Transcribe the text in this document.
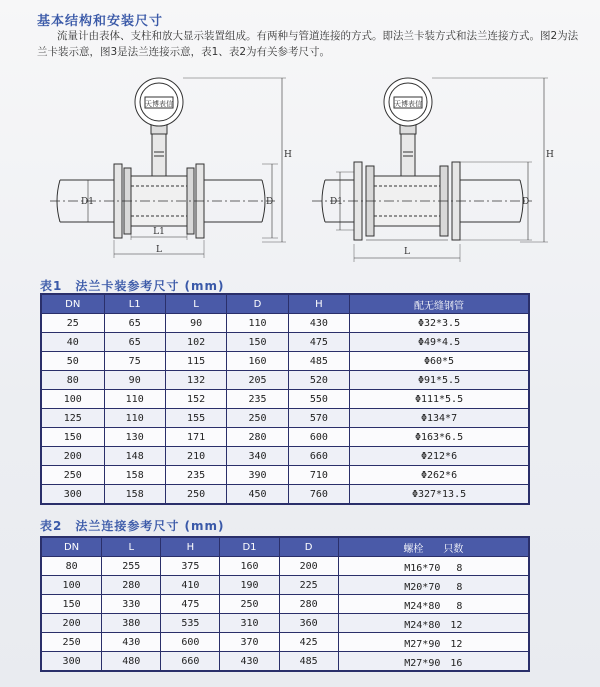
基本结构和安装尺寸
流量计由表体、支柱和放大显示装置组成。有两种与管道连接的方式。即法兰卡装方式和法兰连接方式。图2为法兰卡装示意，图3是法兰连接示意，表1、表2为有关参考尺寸。
天博表信
D1	D
H
L1
L
天博表信
D1	D
H
L
表1　法兰卡装参考尺寸 (mm)
DN	L1	L	D	H	配无缝钢管
25	65	90	110	430	Φ32*3.5
40	65	102	150	475	Φ49*4.5
50	75	115	160	485	Φ60*5
80	90	132	205	520	Φ91*5.5
100	110	152	235	550	Φ111*5.5
125	110	155	250	570	Φ134*7
150	130	171	280	600	Φ163*6.5
200	148	210	340	660	Φ212*6
250	158	235	390	710	Φ262*6
300	158	250	450	760	Φ327*13.5
表2　法兰连接参考尺寸 (mm)
DN	L	H	D1	D	螺栓　　只数
80	255	375	160	200	M16*70　 8
100	280	410	190	225	M20*70　 8
150	330	475	250	280	M24*80　 8
200	380	535	310	360	M24*80　12
250	430	600	370	425	M27*90　12
300	480	660	430	485	M27*90　16
